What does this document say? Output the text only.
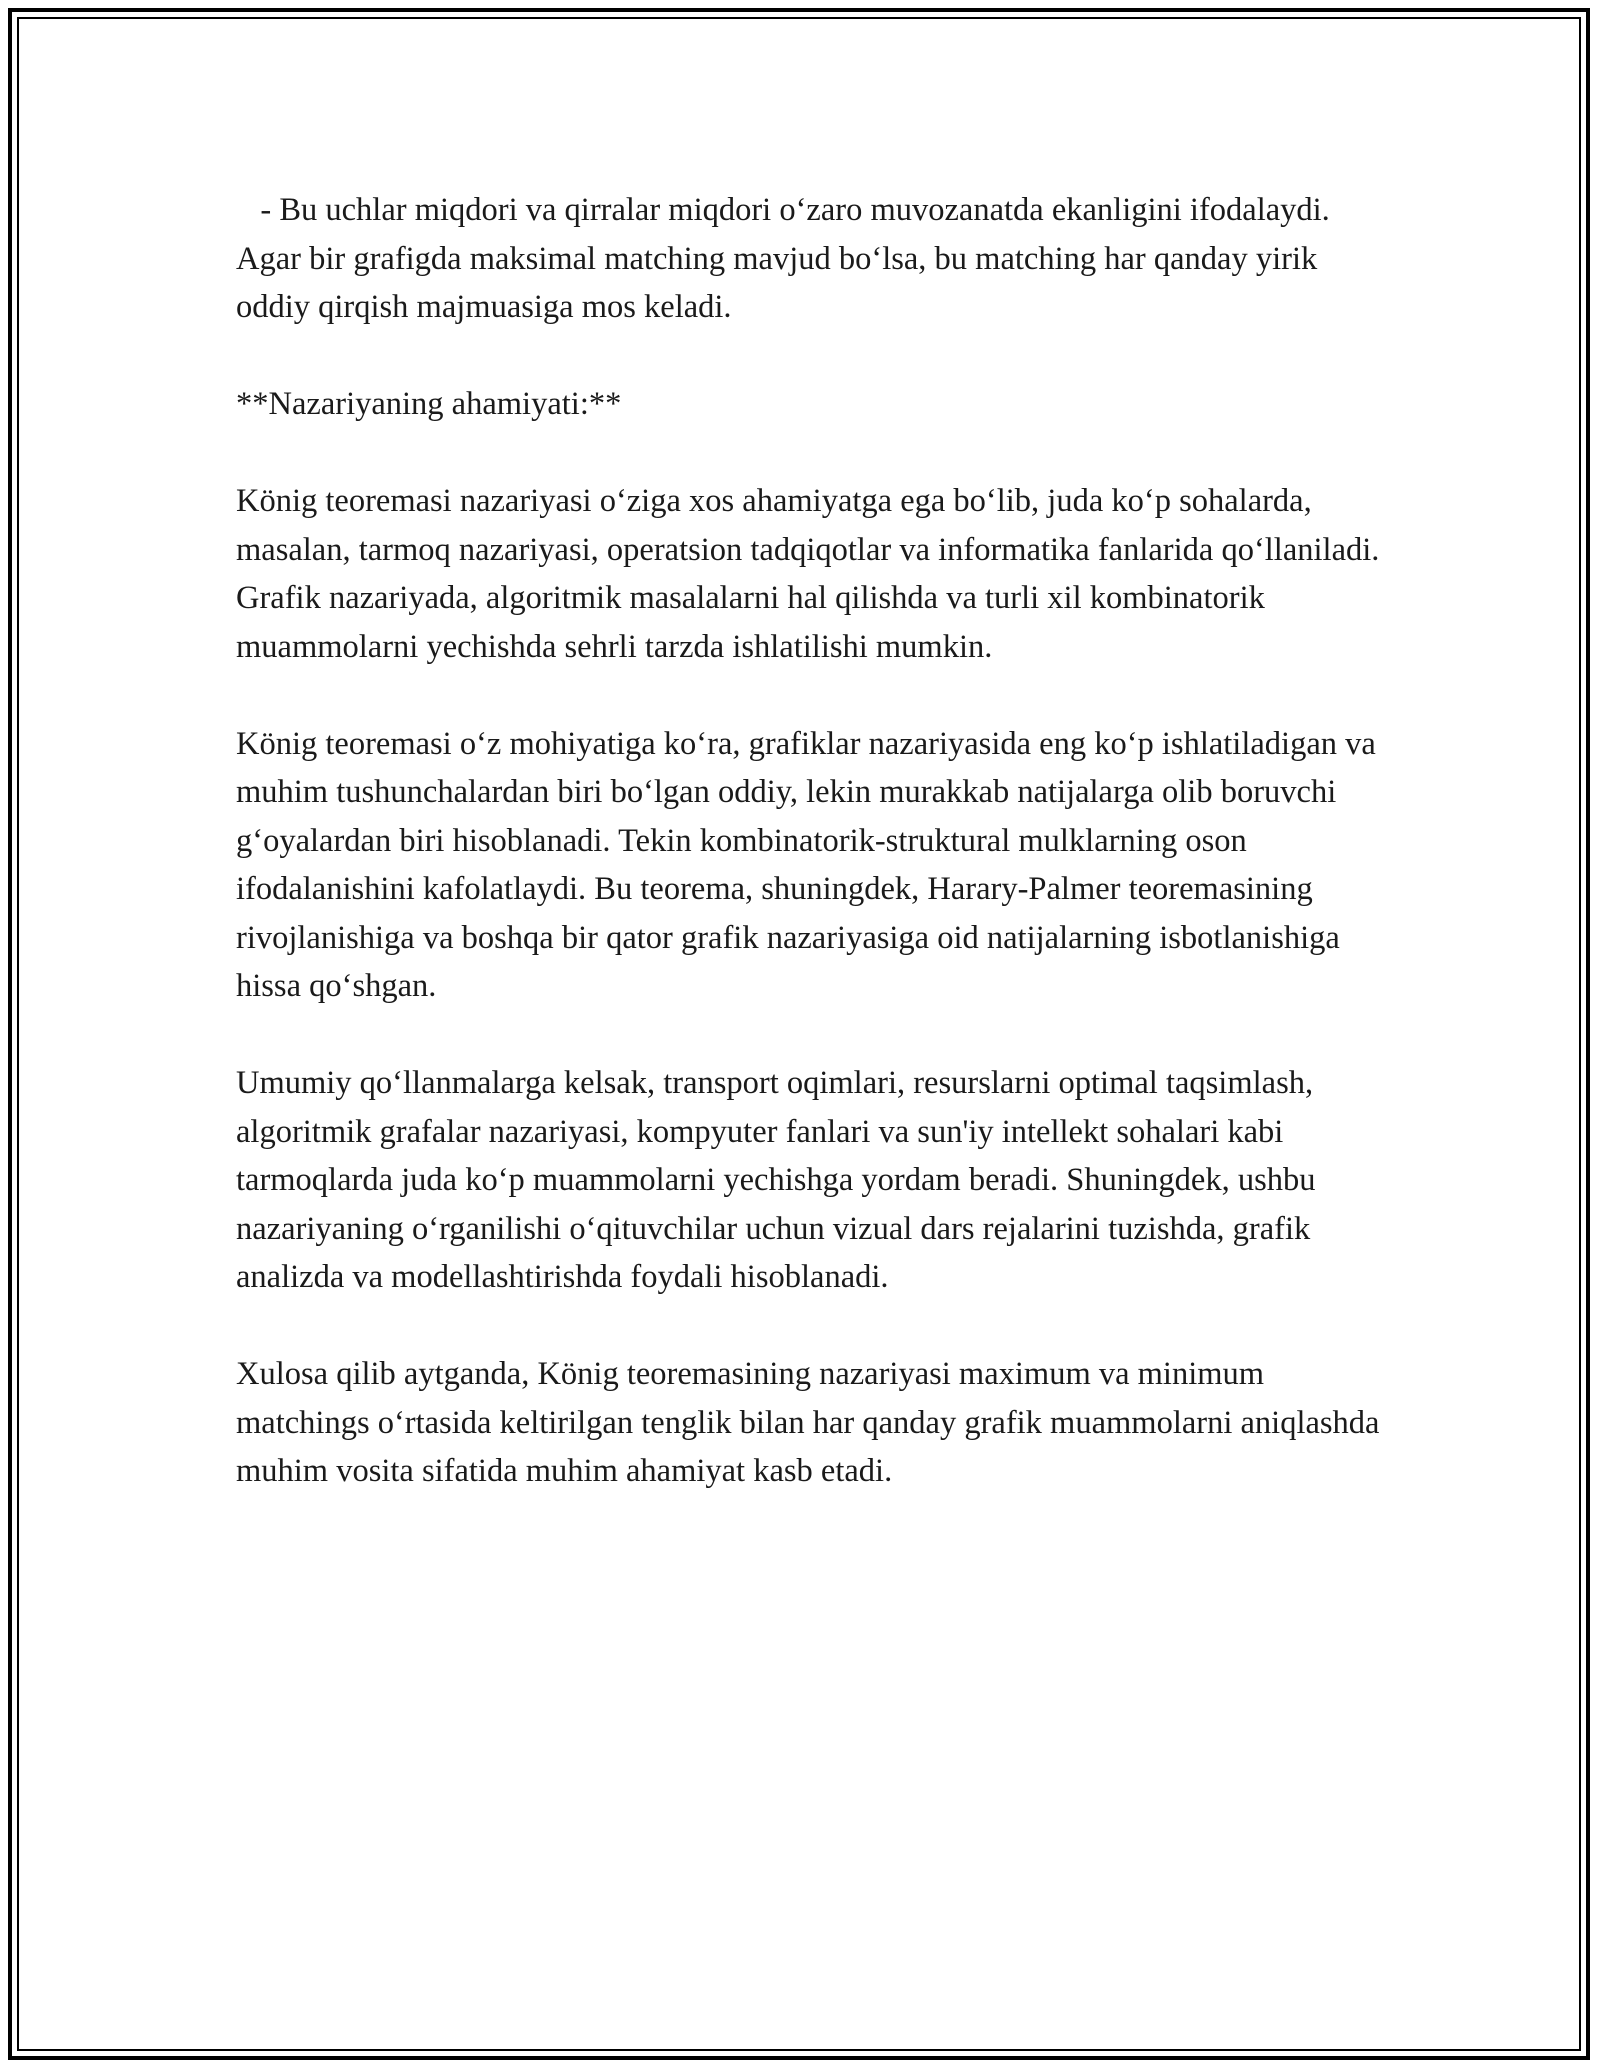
- Bu uchlar miqdori va qirralar miqdori o‘zaro muvozanatda ekanligini ifodalaydi. Agar bir grafigda maksimal matching mavjud bo‘lsa, bu matching har qanday yirik oddiy qirqish majmuasiga mos keladi.

**Nazariyaning ahamiyati:**

König teoremasi nazariyasi o‘ziga xos ahamiyatga ega bo‘lib, juda ko‘p sohalarda, masalan, tarmoq nazariyasi, operatsion tadqiqotlar va informatika fanlarida qo‘llaniladi. Grafik nazariyada, algoritmik masalalarni hal qilishda va turli xil kombinatorik muammolarni yechishda sehrli tarzda ishlatilishi mumkin.

König teoremasi o‘z mohiyatiga ko‘ra, grafiklar nazariyasida eng ko‘p ishlatiladigan va muhim tushunchalardan biri bo‘lgan oddiy, lekin murakkab natijalarga olib boruvchi g‘oyalardan biri hisoblanadi. Tekin kombinatorik-struktural mulklarning oson ifodalanishini kafolatlaydi. Bu teorema, shuningdek, Harary-Palmer teoremasining rivojlanishiga va boshqa bir qator grafik nazariyasiga oid natijalarning isbotlanishiga hissa qo‘shgan.

Umumiy qo‘llanmalarga kelsak, transport oqimlari, resurslarni optimal taqsimlash, algoritmik grafalar nazariyasi, kompyuter fanlari va sun'iy intellekt sohalari kabi tarmoqlarda juda ko‘p muammolarni yechishga yordam beradi. Shuningdek, ushbu nazariyaning o‘rganilishi o‘qituvchilar uchun vizual dars rejalarini tuzishda, grafik analizda va modellashtirishda foydali hisoblanadi.

Xulosa qilib aytganda, König teoremasining nazariyasi maximum va minimum matchings o‘rtasida keltirilgan tenglik bilan har qanday grafik muammolarni aniqlashda muhim vosita sifatida muhim ahamiyat kasb etadi.
